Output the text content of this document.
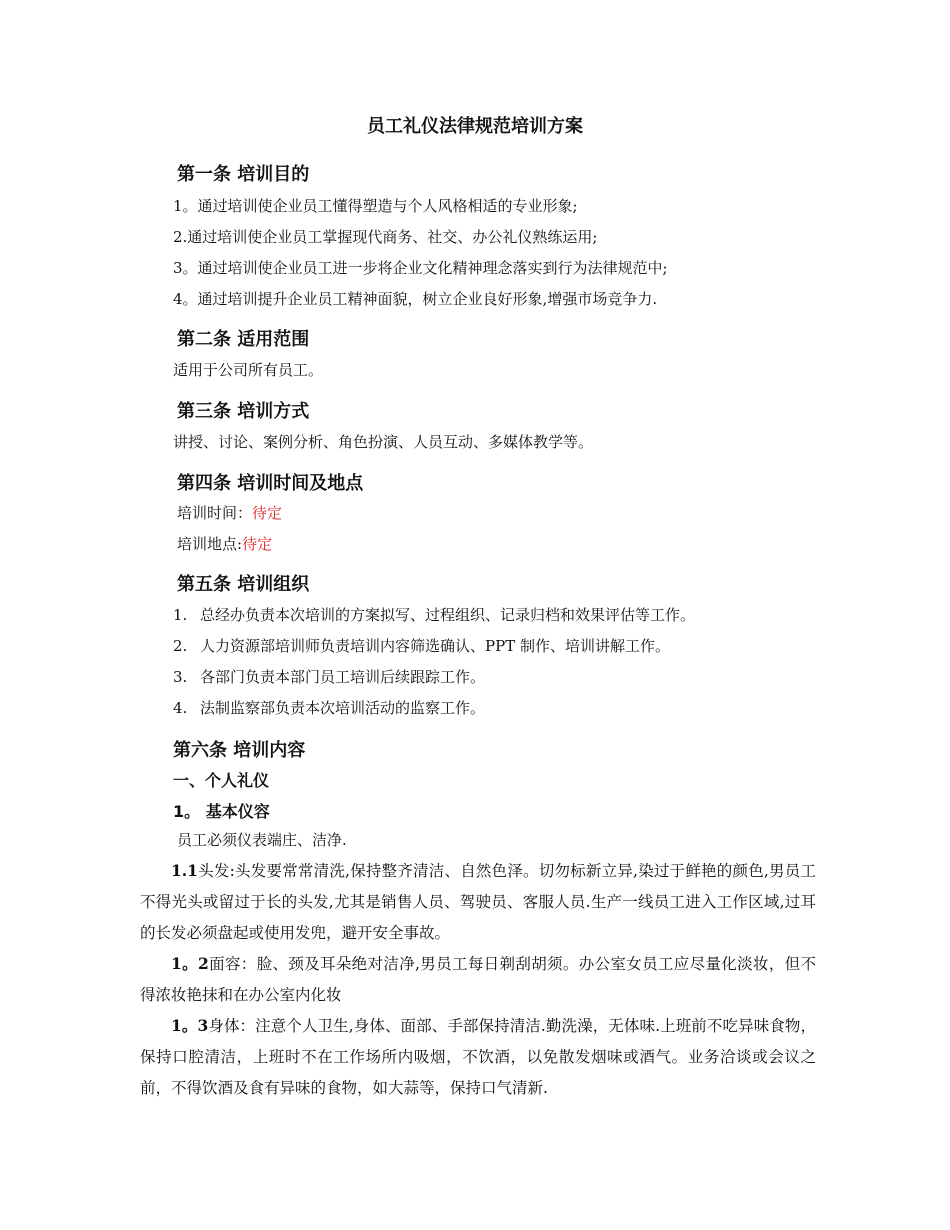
员工礼仪法律规范培训方案
第一条 培训目的
1。通过培训使企业员工懂得塑造与个人风格相适的专业形象;
2.通过培训使企业员工掌握现代商务、社交、办公礼仪熟练运用;
3。通过培训使企业员工进一步将企业文化精神理念落实到行为法律规范中;
4。通过培训提升企业员工精神面貌，树立企业良好形象,增强市场竞争力.
第二条 适用范围
适用于公司所有员工。
第三条 培训方式
讲授、讨论、案例分析、角色扮演、人员互动、多媒体教学等。
第四条 培训时间及地点
培训时间：待定
培训地点:待定
第五条 培训组织
1. 总经办负责本次培训的方案拟写、过程组织、记录归档和效果评估等工作。
2. 人力资源部培训师负责培训内容筛选确认、PPT 制作、培训讲解工作。
3. 各部门负责本部门员工培训后续跟踪工作。
4. 法制监察部负责本次培训活动的监察工作。
第六条 培训内容
一、个人礼仪
1。 基本仪容
员工必须仪表端庄、洁净.
1.1头发:头发要常常清洗,保持整齐清洁、自然色泽。切勿标新立异,染过于鲜艳的颜色,男员工不得光头或留过于长的头发,尤其是销售人员、驾驶员、客服人员.生产一线员工进入工作区域,过耳的长发必须盘起或使用发兜，避开安全事故。
1。2面容：脸、颈及耳朵绝对洁净,男员工每日剃刮胡须。办公室女员工应尽量化淡妆，但不得浓妆艳抹和在办公室内化妆
1。3身体：注意个人卫生,身体、面部、手部保持清洁.勤洗澡，无体味.上班前不吃异味食物，保持口腔清洁，上班时不在工作场所内吸烟，不饮酒，以免散发烟味或酒气。业务洽谈或会议之前，不得饮酒及食有异味的食物，如大蒜等，保持口气清新.
